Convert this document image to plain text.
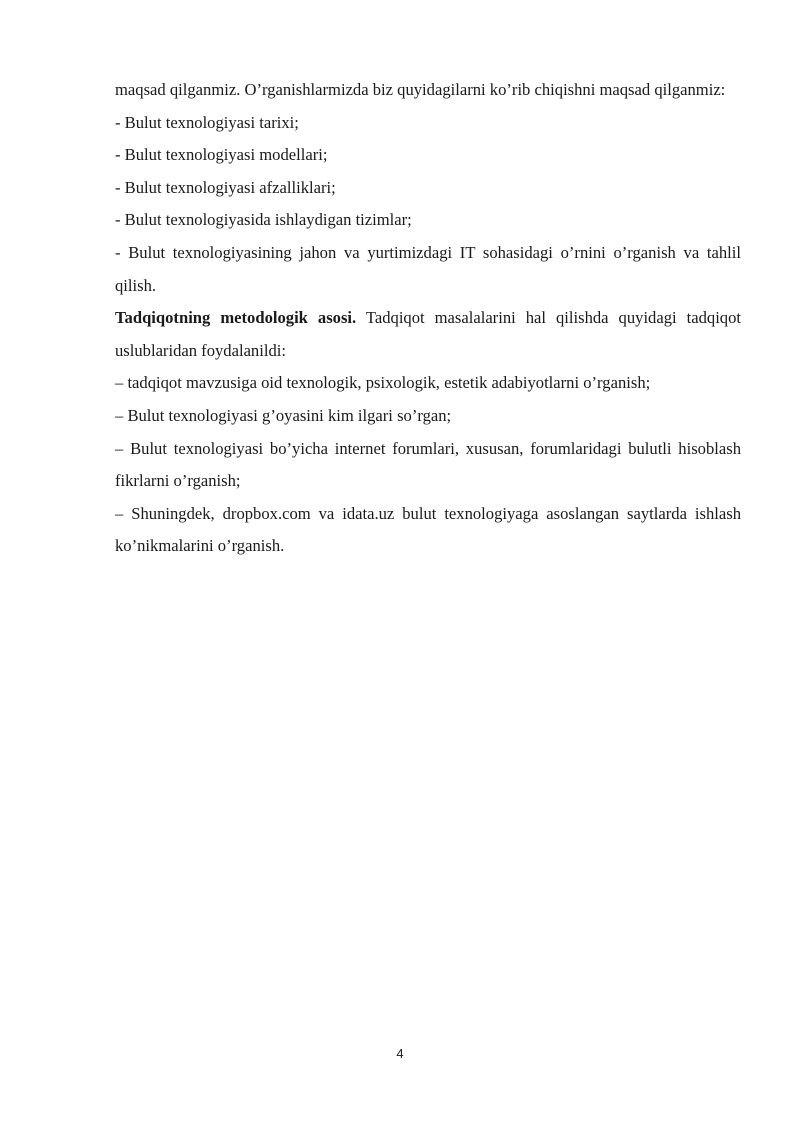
maqsad qilganmiz. O’rganishlarmizda biz quyidagilarni ko’rib chiqishni maqsad qilganmiz:

- Bulut texnologiyasi tarixi;

- Bulut texnologiyasi modellari;

- Bulut texnologiyasi afzalliklari;

- Bulut texnologiyasida ishlaydigan tizimlar;

- Bulut texnologiyasining jahon va yurtimizdagi IT sohasidagi o’rnini o’rganish va tahlil qilish.

Tadqiqotning metodologik asosi. Tadqiqot masalalarini hal qilishda quyidagi tadqiqot uslublaridan foydalanildi:

– tadqiqot mavzusiga oid texnologik, psixologik, estetik adabiyotlarni o’rganish;

– Bulut texnologiyasi g’oyasini kim ilgari so’rgan;

– Bulut texnologiyasi bo’yicha internet forumlari, xususan, forumlaridagi bulutli hisoblash fikrlarni o’rganish;

– Shuningdek, dropbox.com va idata.uz bulut texnologiyaga asoslangan saytlarda ishlash ko’nikmalarini o’rganish.

4
